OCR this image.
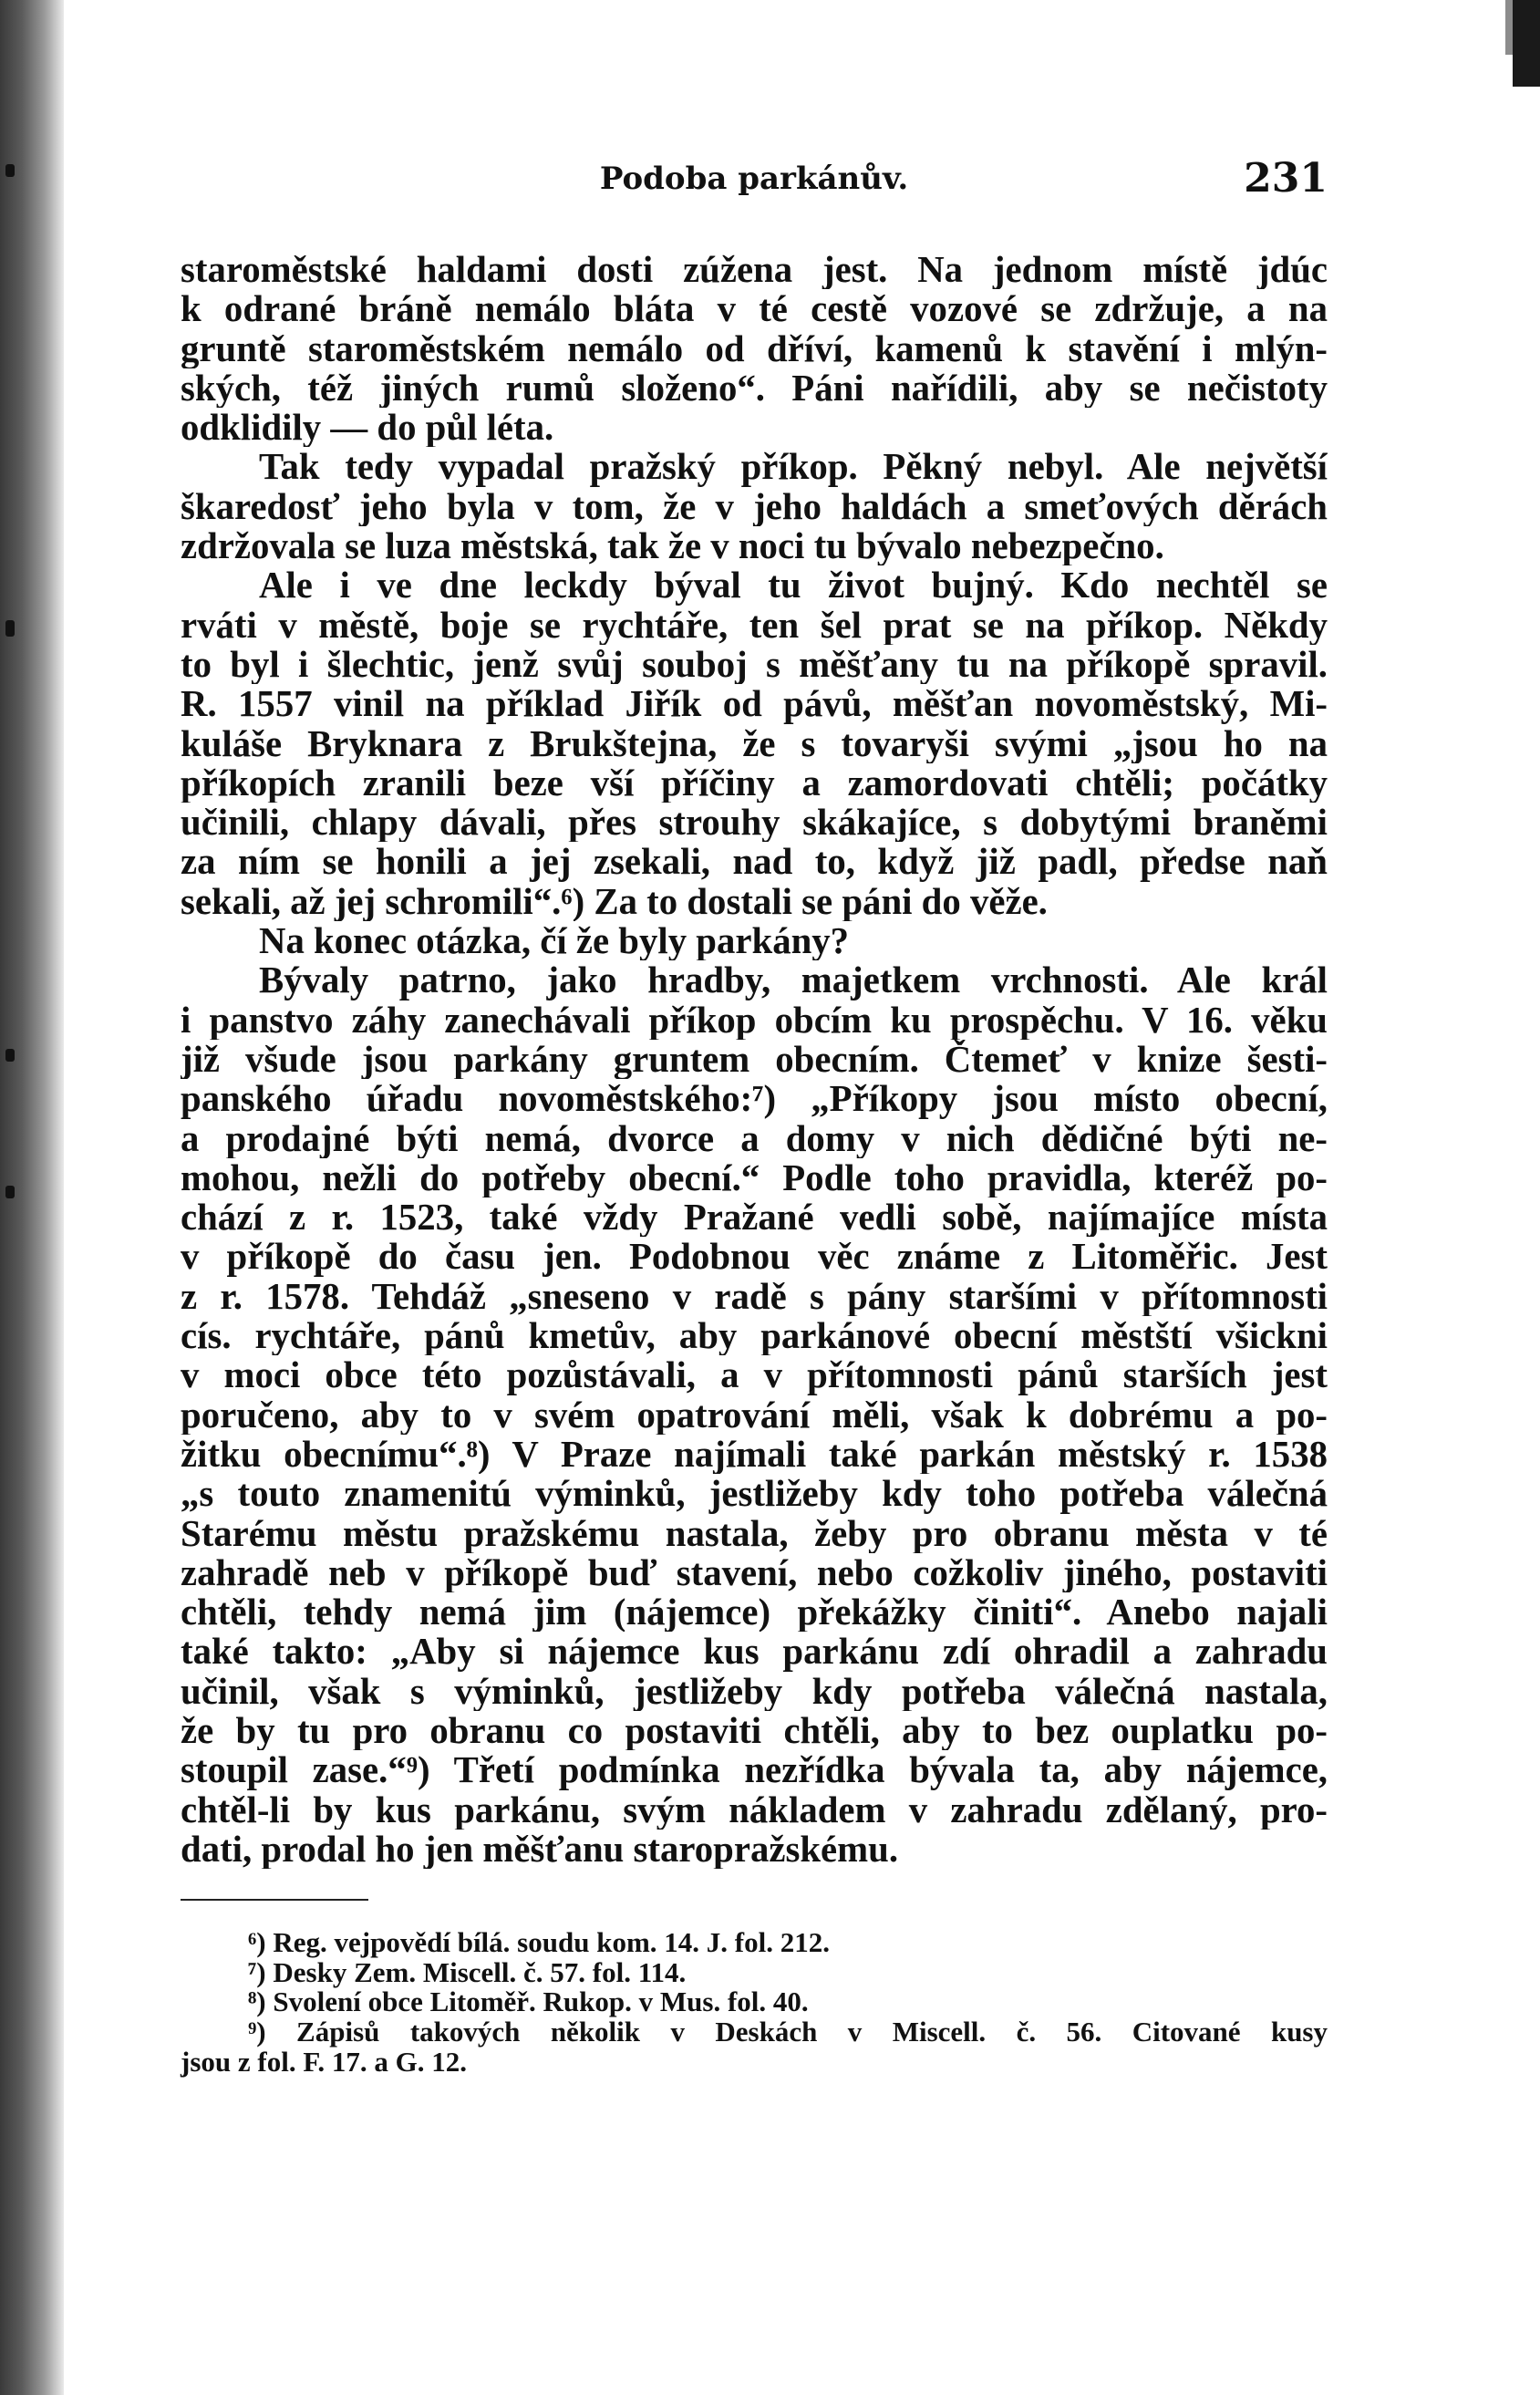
Podoba parkánův.	231
staroměstské haldami dosti zúžena jest. Na jednom místě jdúc
k odrané bráně nemálo bláta v té cestě vozové se zdržuje, a na
gruntě staroměstském nemálo od dříví, kamenů k stavění i mlýn-
ských, též jiných rumů složeno“. Páni nařídili, aby se nečistoty
odklidily — do půl léta.
Tak tedy vypadal pražský příkop. Pěkný nebyl. Ale největší
škaredosť jeho byla v tom, že v jeho haldách a smeťových děrách
zdržovala se luza městská, tak že v noci tu bývalo nebezpečno.
Ale i ve dne leckdy býval tu život bujný. Kdo nechtěl se
rváti v městě, boje se rychtáře, ten šel prat se na příkop. Někdy
to byl i šlechtic, jenž svůj souboj s měšťany tu na příkopě spravil.
R. 1557 vinil na příklad Jiřík od pávů, měšťan novoměstský, Mi-
kuláše Bryknara z Brukštejna, že s tovaryši svými „jsou ho na
příkopích zranili beze vší příčiny a zamordovati chtěli; počátky
učinili, chlapy dávali, přes strouhy skákajíce, s dobytými braněmi
za ním se honili a jej zsekali, nad to, když již padl, předse naň
sekali, až jej schromili“.⁶) Za to dostali se páni do věže.
Na konec otázka, čí že byly parkány?
Bývaly patrno, jako hradby, majetkem vrchnosti. Ale král
i panstvo záhy zanechávali příkop obcím ku prospěchu. V 16. věku
již všude jsou parkány gruntem obecním. Čtemeť v knize šesti-
panského úřadu novoměstského:⁷) „Příkopy jsou místo obecní,
a prodajné býti nemá, dvorce a domy v nich dědičné býti ne-
mohou, nežli do potřeby obecní.“ Podle toho pravidla, kteréž po-
chází z r. 1523, také vždy Pražané vedli sobě, najímajíce místa
v příkopě do času jen. Podobnou věc známe z Litoměřic. Jest
z r. 1578. Tehdáž „sneseno v radě s pány staršími v přítomnosti
cís. rychtáře, pánů kmetův, aby parkánové obecní městští všickni
v moci obce této pozůstávali, a v přítomnosti pánů starších jest
poručeno, aby to v svém opatrování měli, však k dobrému a po-
žitku obecnímu“.⁸) V Praze najímali také parkán městský r. 1538
„s touto znamenitú výminků, jestližeby kdy toho potřeba válečná
Starému městu pražskému nastala, žeby pro obranu města v té
zahradě neb v příkopě buď stavení, nebo cožkoliv jiného, postaviti
chtěli, tehdy nemá jim (nájemce) překážky činiti“. Anebo najali
také takto: „Aby si nájemce kus parkánu zdí ohradil a zahradu
učinil, však s výminků, jestližeby kdy potřeba válečná nastala,
že by tu pro obranu co postaviti chtěli, aby to bez ouplatku po-
stoupil zase.“⁹) Třetí podmínka nezřídka bývala ta, aby nájemce,
chtěl-li by kus parkánu, svým nákladem v zahradu zdělaný, pro-
dati, prodal ho jen měšťanu staropražskému.
⁶) Reg. vejpovědí bílá. soudu kom. 14. J. fol. 212.
⁷) Desky Zem. Miscell. č. 57. fol. 114.
⁸) Svolení obce Litoměř. Rukop. v Mus. fol. 40.
⁹) Zápisů takových několik v Deskách v Miscell. č. 56. Citované kusy
jsou z fol. F. 17. a G. 12.
